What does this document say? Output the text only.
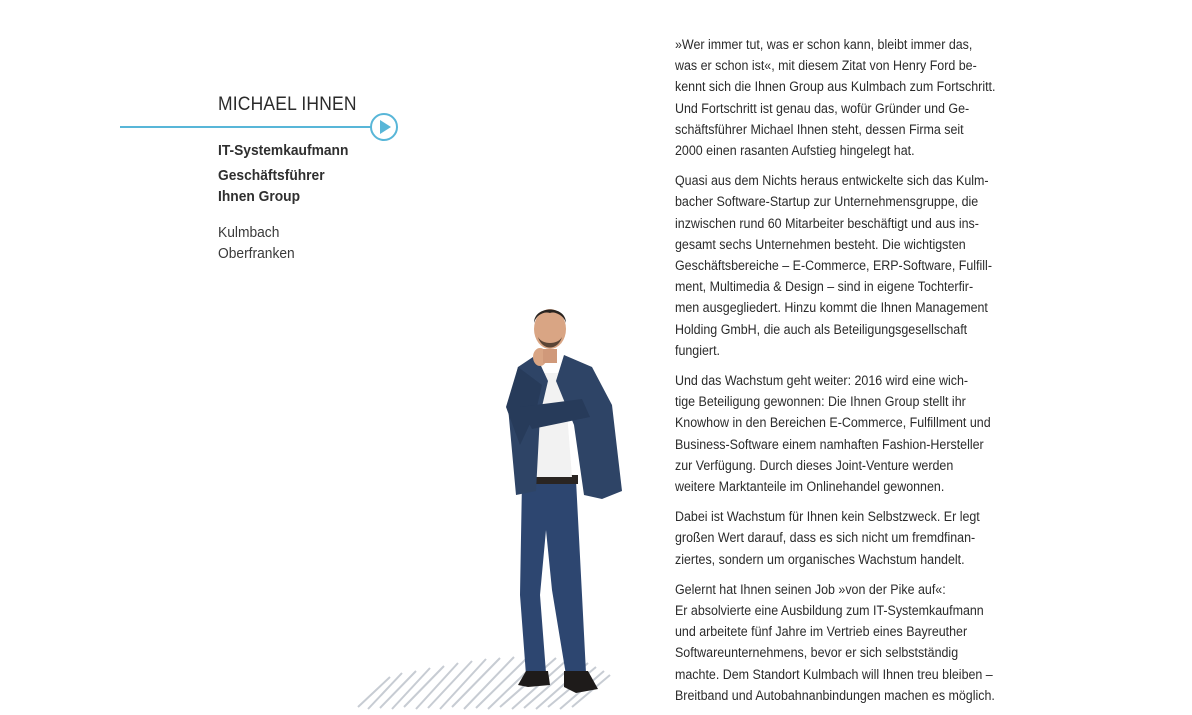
MICHAEL IHNEN
IT-Systemkaufmann
Geschäftsführer
Ihnen Group
Kulmbach
Oberfranken

»Wer immer tut, was er schon kann, bleibt immer das,
was er schon ist«, mit diesem Zitat von Henry Ford be-
kennt sich die Ihnen Group aus Kulmbach zum Fortschritt.
Und Fortschritt ist genau das, wofür Gründer und Ge-
schäftsführer Michael Ihnen steht, dessen Firma seit
2000 einen rasanten Aufstieg hingelegt hat.

Quasi aus dem Nichts heraus entwickelte sich das Kulm-
bacher Software-Startup zur Unternehmensgruppe, die
inzwischen rund 60 Mitarbeiter beschäftigt und aus ins-
gesamt sechs Unternehmen besteht. Die wichtigsten
Geschäftsbereiche – E-Commerce, ERP-Software, Fulfill-
ment, Multimedia & Design – sind in eigene Tochterfir-
men ausgegliedert. Hinzu kommt die Ihnen Management
Holding GmbH, die auch als Beteiligungsgesellschaft
fungiert.

Und das Wachstum geht weiter: 2016 wird eine wich-
tige Beteiligung gewonnen: Die Ihnen Group stellt ihr
Knowhow in den Bereichen E-Commerce, Fulfillment und
Business-Software einem namhaften Fashion-Hersteller
zur Verfügung. Durch dieses Joint-Venture werden
weitere Marktanteile im Onlinehandel gewonnen.

Dabei ist Wachstum für Ihnen kein Selbstzweck. Er legt
großen Wert darauf, dass es sich nicht um fremdfinan-
ziertes, sondern um organisches Wachstum handelt.

Gelernt hat Ihnen seinen Job »von der Pike auf«:
Er absolvierte eine Ausbildung zum IT-Systemkaufmann
und arbeitete fünf Jahre im Vertrieb eines Bayreuther
Softwareunternehmens, bevor er sich selbstständig
machte. Dem Standort Kulmbach will Ihnen treu bleiben –
Breitband und Autobahnanbindungen machen es möglich.
